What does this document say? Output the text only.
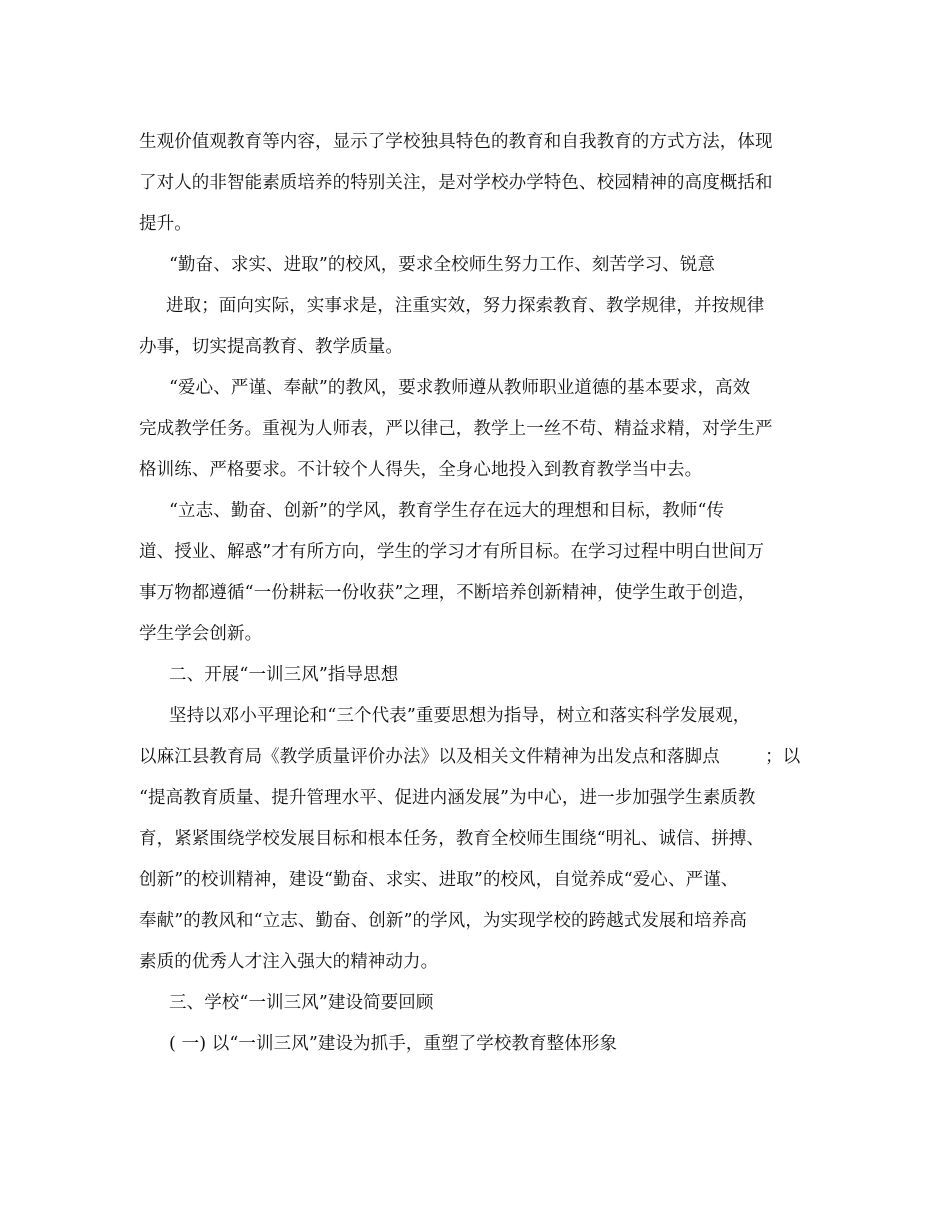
生观价值观教育等内容，显示了学校独具特色的教育和自我教育的方式方法，体现
了对人的非智能素质培养的特别关注，是对学校办学特色、校园精神的高度概括和
提升。
“勤奋、求实、进取”的校风，要求全校师生努力工作、刻苦学习、锐意
进取；面向实际，实事求是，注重实效，努力探索教育、教学规律，并按规律
办事，切实提高教育、教学质量。
“爱心、严谨、奉献”的教风，要求教师遵从教师职业道德的基本要求，高效
完成教学任务。重视为人师表，严以律己，教学上一丝不苟、精益求精，对学生严
格训练、严格要求。不计较个人得失，全身心地投入到教育教学当中去。
“立志、勤奋、创新”的学风，教育学生存在远大的理想和目标，教师“传
道、授业、解惑”才有所方向，学生的学习才有所目标。在学习过程中明白世间万
事万物都遵循“一份耕耘一份收获”之理，不断培养创新精神，使学生敢于创造，
学生学会创新。
二、开展“一训三风”指导思想
坚持以邓小平理论和“三个代表”重要思想为指导，树立和落实科学发展观，
以麻江县教育局《教学质量评价办法》以及相关文件精神为出发点和落脚点        ；以
“提高教育质量、提升管理水平、促进内涵发展”为中心，进一步加强学生素质教
育，紧紧围绕学校发展目标和根本任务，教育全校师生围绕“明礼、诚信、拼搏、
创新”的校训精神，建设“勤奋、求实、进取”的校风，自觉养成“爱心、严谨、
奉献”的教风和“立志、勤奋、创新”的学风，为实现学校的跨越式发展和培养高
素质的优秀人才注入强大的精神动力。
三、学校“一训三风”建设简要回顾
( 一) 以“一训三风”建设为抓手，重塑了学校教育整体形象
